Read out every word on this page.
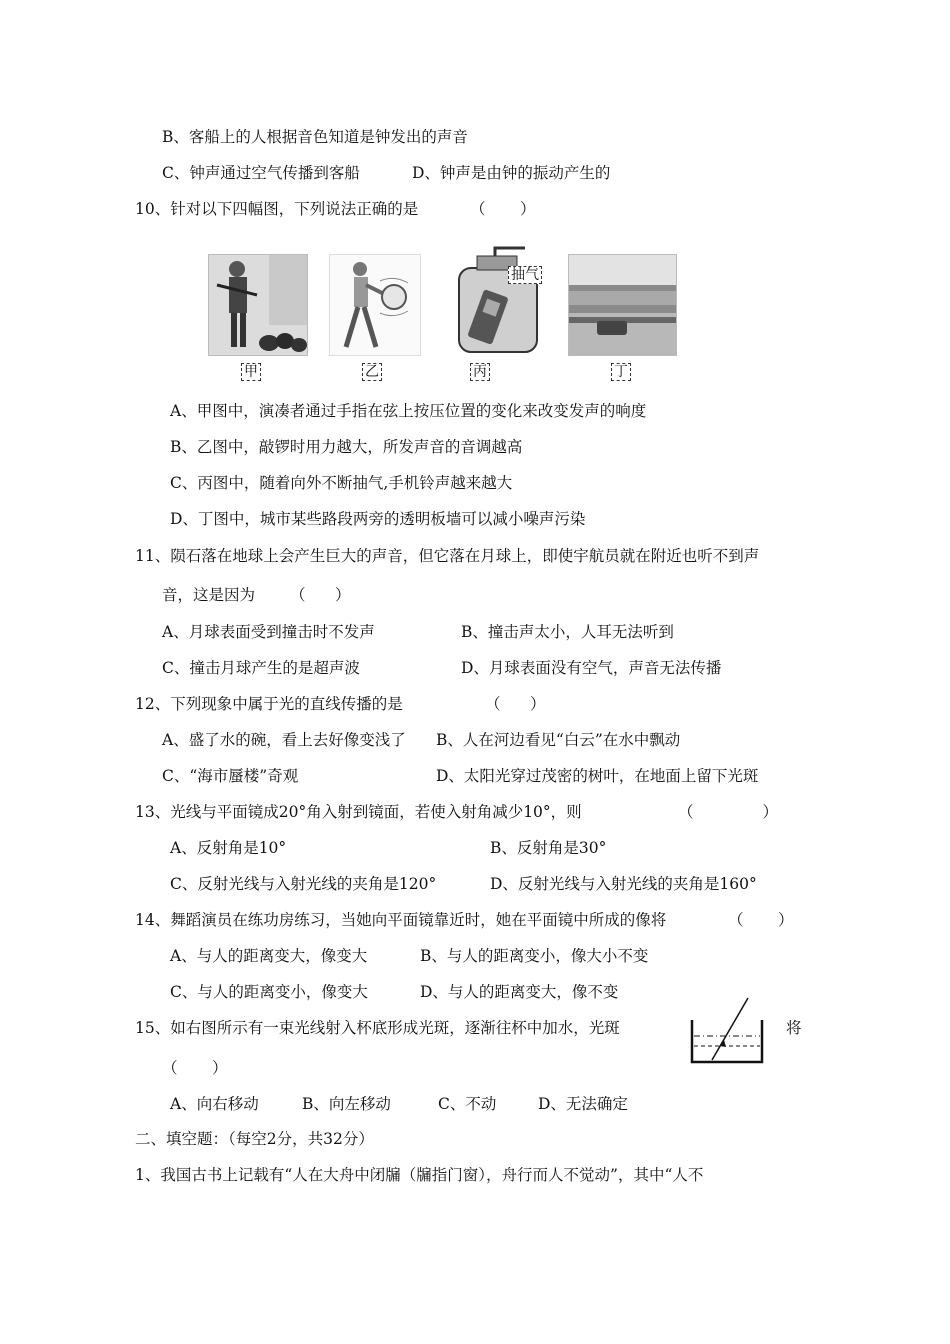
B、客船上的人根据音色知道是钟发出的声音
C、钟声通过空气传播到客船	D、钟声是由钟的振动产生的
10、针对以下四幅图，下列说法正确的是	（       ）
抽气
甲	乙	丙	丁
A、甲图中，演凑者通过手指在弦上按压位置的变化来改变发声的响度
B、乙图中，敲锣时用力越大，所发声音的音调越高
C、丙图中，随着向外不断抽气,手机铃声越来越大
D、丁图中，城市某些路段两旁的透明板墙可以减小噪声污染
11、陨石落在地球上会产生巨大的声音，但它落在月球上，即使宇航员就在附近也听不到声
音，这是因为 （      ）
A、月球表面受到撞击时不发声	B、撞击声太小，人耳无法听到
C、撞击月球产生的是超声波	D、月球表面没有空气，声音无法传播
12、下列现象中属于光的直线传播的是	（      ）
A、盛了水的碗，看上去好像变浅了 B、人在河边看见“白云”在水中飘动
C、“海市蜃楼”奇观	D、太阳光穿过茂密的树叶，在地面上留下光斑
13、光线与平面镜成20°角入射到镜面，若使入射角减少10°，则	（              ）
A、反射角是10°	B、反射角是30°
C、反射光线与入射光线的夹角是120°	D、反射光线与入射光线的夹角是160°
14、舞蹈演员在练功房练习，当她向平面镜靠近时，她在平面镜中所成的像将	（       ）
A、与人的距离变大，像变大	B、与人的距离变小，像大小不变
C、与人的距离变小，像变大	D、与人的距离变大，像不变
15、如右图所示有一束光线射入杯底形成光斑，逐渐往杯中加水，光斑	将
（       ）
A、向右移动	B、向左移动	C、不动	D、无法确定
二、填空题：（每空2分，共32分）
1、我国古书上记载有“人在大舟中闭牖（牖指门窗），舟行而人不觉动”，其中“人不
